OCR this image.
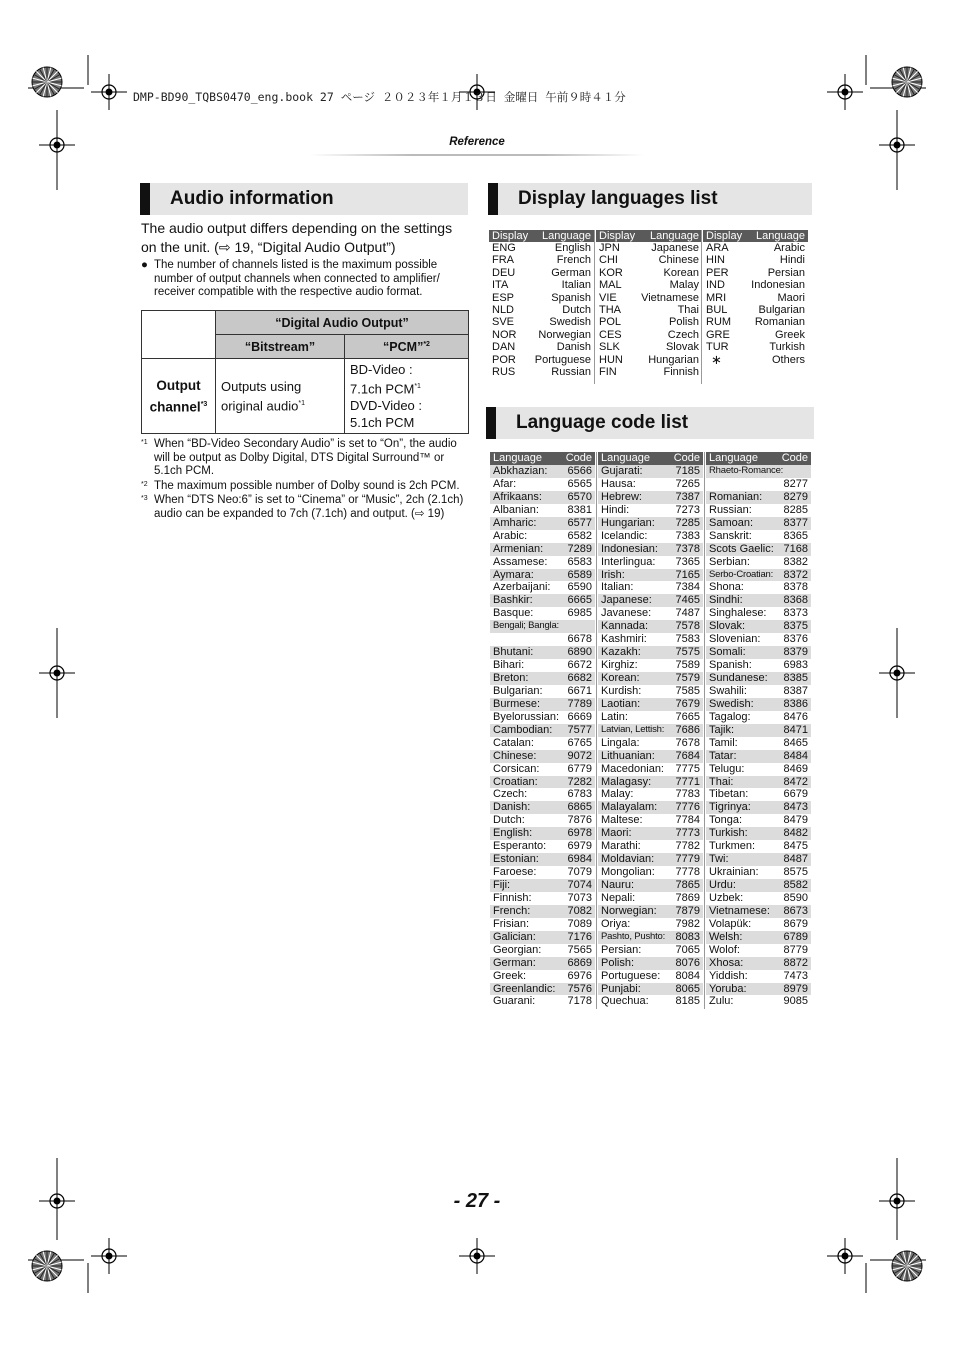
DMP-BD90_TQBS0470_eng.book 27 ページ ２０２３年１月１３日 金曜日 午前９時４１分
Reference
Audio information
The audio output differs depending on the settings on the unit. (⇨ 19, “Digital Audio Output”)
● The number of channels listed is the maximum possible number of output channels when connected to amplifier/ receiver compatible with the respective audio format.
	“Digital Audio Output”	
	“Bitstream”	“PCM”$^{*2}$
Output channel$^{*3}$	Outputs using original audio$^{*1}$	BD-Video :
7.1ch PCM$^{*1}$
DVD-Video :
5.1ch PCM
*1 When “BD-Video Secondary Audio” is set to “On”, the audio will be output as Dolby Digital, DTS Digital Surround™ or 5.1ch PCM.
*2 The maximum possible number of Dolby sound is 2ch PCM.
*3 When “DTS Neo:6” is set to “Cinema” or “Music”, 2ch (2.1ch) audio can be expanded to 7ch (7.1ch) and output. (⇨ 19)
Display languages list
Display	Language
ENG	English
FRA	French
DEU	German
ITA	Italian
ESP	Spanish
NLD	Dutch
SVE	Swedish
NOR	Norwegian
DAN	Danish
POR	Portuguese
RUS	Russian
Display	Language
JPN	Japanese
CHI	Chinese
KOR	Korean
MAL	Malay
VIE	Vietnamese
THA	Thai
POL	Polish
CES	Czech
SLK	Slovak
HUN	Hungarian
FIN	Finnish
Display	Language
ARA	Arabic
HIN	Hindi
PER	Persian
IND	Indonesian
MRI	Maori
BUL	Bulgarian
RUM	Romanian
GRE	Greek
TUR	Turkish
∗	Others
Language code list
Language Code
Abkhazian: 6566
Afar:	6565
Afrikaans: 6570
Albanian:	8381
Amharic:	6577
Arabic:	6582
Armenian: 7289
Assamese: 6583
Aymara:	6589
Azerbaijani: 6590
Bashkir:	6665
Basque:	6985
Bengali; Bangla:
6678
Bhutani:	6890
Bihari:	6672
Breton:	6682
Bulgarian: 6671
Burmese: 7789
Byelorussian: 6669
Cambodian: 7577
Catalan:	6765
Chinese:	9072
Corsican:	6779
Croatian:	7282
Czech:	6783
Danish:	6865
Dutch:	7876
English:	6978
Esperanto: 6979
Estonian:	6984
Faroese:	7079
Fiji:	7074
Finnish:	7073
French:	7082
Frisian:	7089
Galician:	7176
Georgian: 7565
German:	6869
Greek:	6976
Greenlandic: 7576
Guarani:	7178
Language Code
Gujarati:	7185
Hausa:	7265
Hebrew:	7387
Hindi:	7273
Hungarian: 7285
Icelandic:	7383
Indonesian: 7378
Interlingua: 7365
Irish:	7165
Italian:	7384
Japanese: 7465
Javanese: 7487
Kannada: 7578
Kashmiri:	7583
Kazakh:	7575
Kirghiz:	7589
Korean:	7579
Kurdish:	7585
Laotian:	7679
Latin:	7665
Latvian, Lettish: 7686
Lingala:	7678
Lithuanian: 7684
Macedonian: 7775
Malagasy: 7771
Malay:	7783
Malayalam: 7776
Maltese:	7784
Maori:	7773
Marathi:	7782
Moldavian: 7779
Mongolian: 7778
Nauru:	7865
Nepali:	7869
Norwegian: 7879
Oriya:	7982
Pashto, Pushto: 8083
Persian:	7065
Polish:	8076
Portuguese: 8084
Punjabi:	8065
Quechua: 8185
Language Code
Rhaeto-Romance:
8277
Romanian: 8279
Russian:	8285
Samoan:	8377
Sanskrit:	8365
Scots Gaelic: 7168
Serbian:	8382
Serbo-Croatian: 8372
Shona:	8378
Sindhi:	8368
Singhalese: 8373
Slovak:	8375
Slovenian: 8376
Somali:	8379
Spanish:	6983
Sundanese: 8385
Swahili:	8387
Swedish:	8386
Tagalog:	8476
Tajik:	8471
Tamil:	8465
Tatar:	8484
Telugu:	8469
Thai:	8472
Tibetan:	6679
Tigrinya:	8473
Tonga:	8479
Turkish:	8482
Turkmen:	8475
Twi:	8487
Ukrainian: 8575
Urdu:	8582
Uzbek:	8590
Vietnamese: 8673
Volapük:	8679
Welsh:	6789
Wolof:	8779
Xhosa:	8872
Yiddish:	7473
Yoruba:	8979
Zulu:	9085
- 27 -
